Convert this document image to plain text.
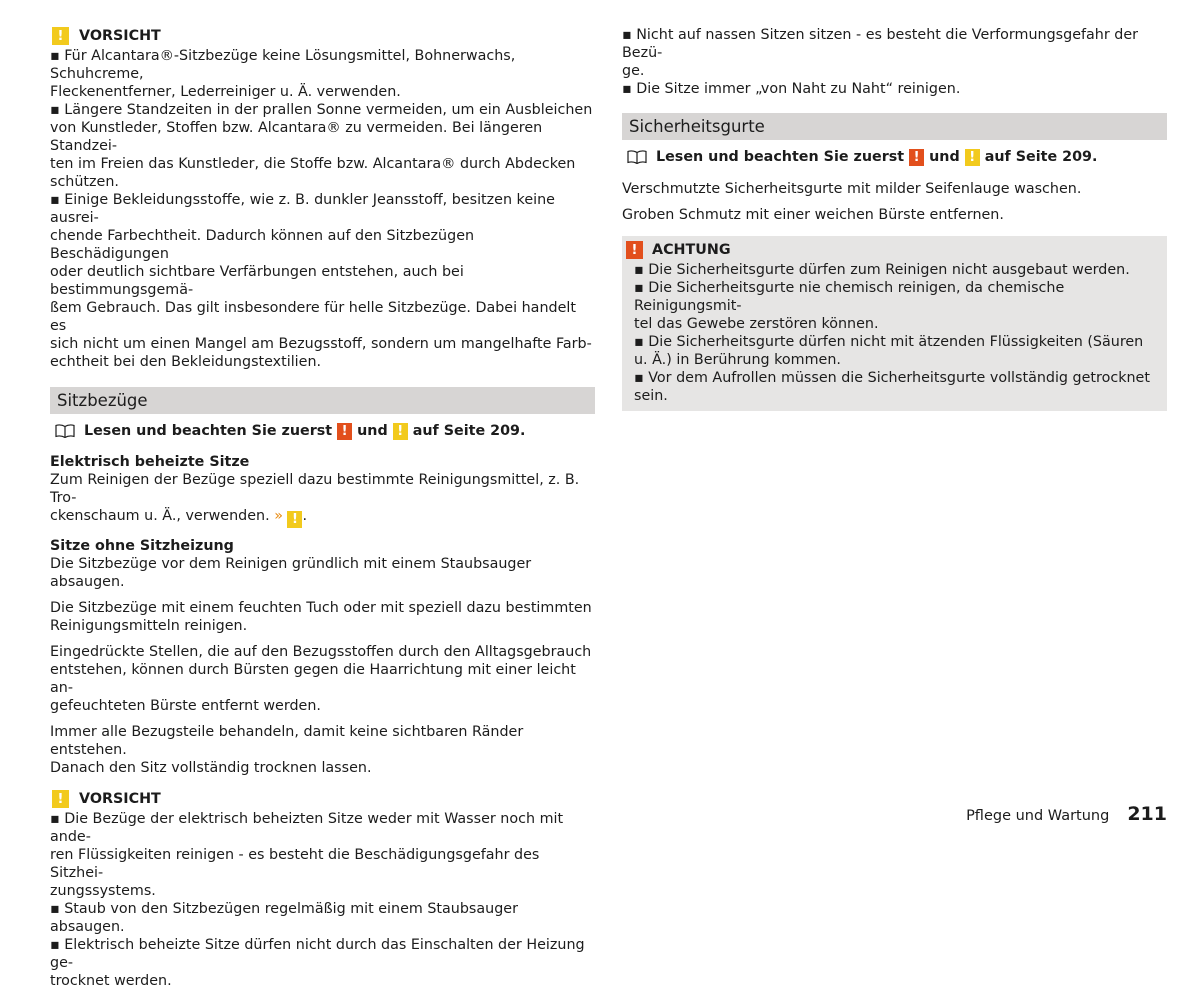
!	VORSICHT

▪ Für Alcantara®-Sitzbezüge keine Lösungsmittel, Bohnerwachs, Schuhcreme,

Fleckenentferner, Lederreiniger u. Ä. verwenden.

▪ Längere Standzeiten in der prallen Sonne vermeiden, um ein Ausbleichen

von Kunstleder, Stoffen bzw. Alcantara® zu vermeiden. Bei längeren Standzei-

ten im Freien das Kunstleder, die Stoffe bzw. Alcantara® durch Abdecken

schützen.

▪ Einige Bekleidungsstoffe, wie z. B. dunkler Jeansstoff, besitzen keine ausrei-

chende Farbechtheit. Dadurch können auf den Sitzbezügen Beschädigungen

oder deutlich sichtbare Verfärbungen entstehen, auch bei bestimmungsgemä-

ßem Gebrauch. Das gilt insbesondere für helle Sitzbezüge. Dabei handelt es

sich nicht um einen Mangel am Bezugsstoff, sondern um mangelhafte Farb-

echtheit bei den Bekleidungstextilien.

Sitzbezüge
Lesen und beachten Sie zuerst ! und ! auf Seite 209.

Elektrisch beheizte Sitze

Zum Reinigen der Bezüge speziell dazu bestimmte Reinigungsmittel, z. B. Tro-

ckenschaum u. Ä., verwenden. » ! .

Sitze ohne Sitzheizung

Die Sitzbezüge vor dem Reinigen gründlich mit einem Staubsauger absaugen.

Die Sitzbezüge mit einem feuchten Tuch oder mit speziell dazu bestimmten

Reinigungsmitteln reinigen.

Eingedrückte Stellen, die auf den Bezugsstoffen durch den Alltagsgebrauch

entstehen, können durch Bürsten gegen die Haarrichtung mit einer leicht an-

gefeuchteten Bürste entfernt werden.

Immer alle Bezugsteile behandeln, damit keine sichtbaren Ränder entstehen.

Danach den Sitz vollständig trocknen lassen.

!	VORSICHT

▪ Die Bezüge der elektrisch beheizten Sitze weder mit Wasser noch mit ande-

ren Flüssigkeiten reinigen - es besteht die Beschädigungsgefahr des Sitzhei-

zungssystems.

▪ Staub von den Sitzbezügen regelmäßig mit einem Staubsauger absaugen.

▪ Elektrisch beheizte Sitze dürfen nicht durch das Einschalten der Heizung ge-

trocknet werden.

▪ Nicht auf nassen Sitzen sitzen - es besteht die Verformungsgefahr der Bezü-

ge.

▪ Die Sitze immer „von Naht zu Naht“ reinigen.

Sicherheitsgurte
Lesen und beachten Sie zuerst ! und ! auf Seite 209.

Verschmutzte Sicherheitsgurte mit milder Seifenlauge waschen.

Groben Schmutz mit einer weichen Bürste entfernen.

!	ACHTUNG

▪ Die Sicherheitsgurte dürfen zum Reinigen nicht ausgebaut werden.

▪ Die Sicherheitsgurte nie chemisch reinigen, da chemische Reinigungsmit-

tel das Gewebe zerstören können.

▪ Die Sicherheitsgurte dürfen nicht mit ätzenden Flüssigkeiten (Säuren

u. Ä.) in Berührung kommen.

▪ Vor dem Aufrollen müssen die Sicherheitsgurte vollständig getrocknet

sein.

Pflege und Wartung 211
